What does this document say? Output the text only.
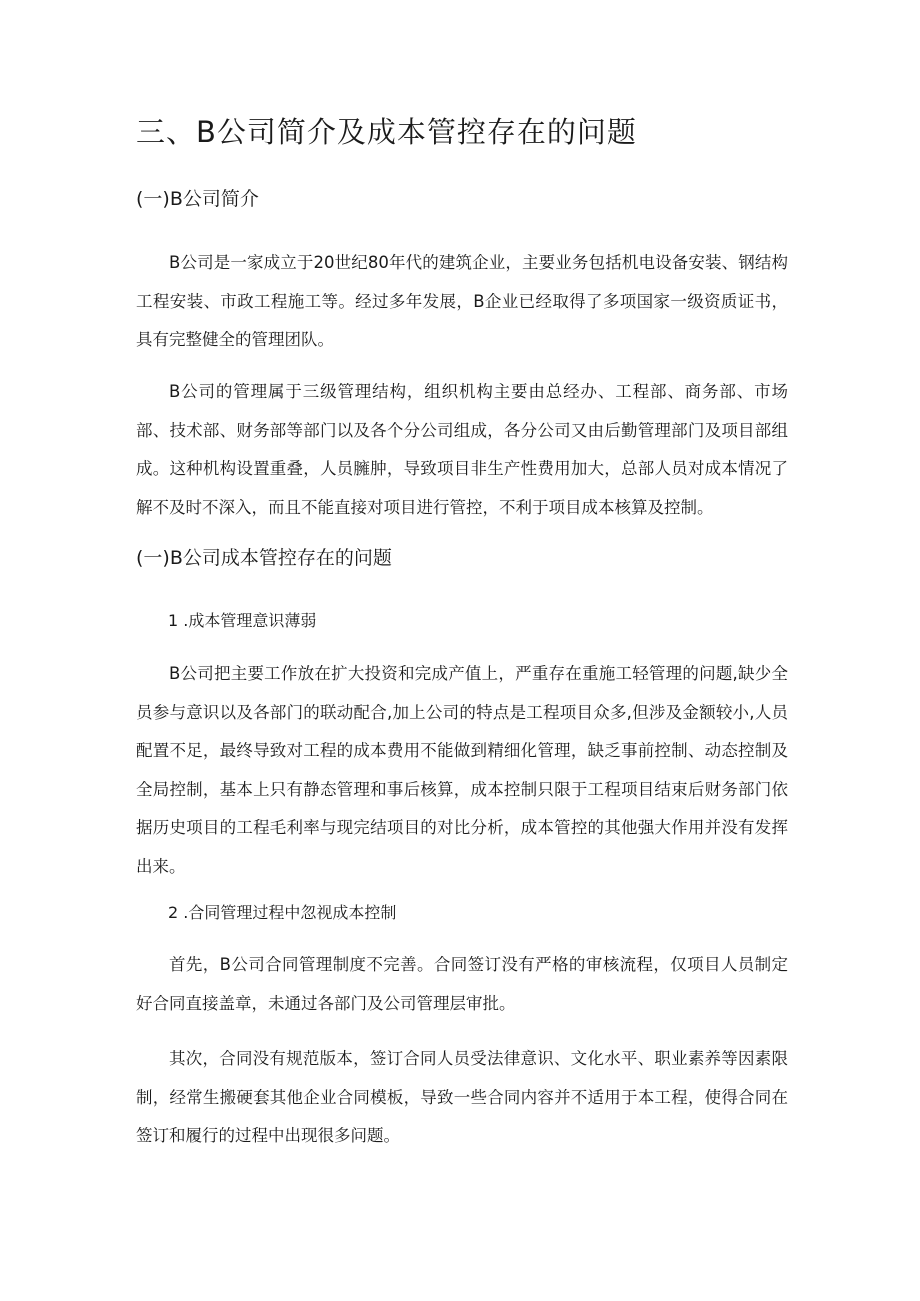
三、B公司简介及成本管控存在的问题
(一)B公司简介

B公司是一家成立于20世纪80年代的建筑企业，主要业务包括机电设备安装、钢结构工程安装、市政工程施工等。经过多年发展，B企业已经取得了多项国家一级资质证书，具有完整健全的管理团队。

B公司的管理属于三级管理结构，组织机构主要由总经办、工程部、商务部、市场部、技术部、财务部等部门以及各个分公司组成，各分公司又由后勤管理部门及项目部组成。这种机构设置重叠，人员臃肿，导致项目非生产性费用加大，总部人员对成本情况了解不及时不深入，而且不能直接对项目进行管控，不利于项目成本核算及控制。

(一)B公司成本管控存在的问题
1 .成本管理意识薄弱

B公司把主要工作放在扩大投资和完成产值上，严重存在重施工轻管理的问题,缺少全员参与意识以及各部门的联动配合,加上公司的特点是工程项目众多,但涉及金额较小,人员配置不足，最终导致对工程的成本费用不能做到精细化管理，缺乏事前控制、动态控制及全局控制，基本上只有静态管理和事后核算，成本控制只限于工程项目结束后财务部门依据历史项目的工程毛利率与现完结项目的对比分析，成本管控的其他强大作用并没有发挥出来。

2 .合同管理过程中忽视成本控制

首先，B公司合同管理制度不完善。合同签订没有严格的审核流程，仅项目人员制定好合同直接盖章，未通过各部门及公司管理层审批。

其次，合同没有规范版本，签订合同人员受法律意识、文化水平、职业素养等因素限制，经常生搬硬套其他企业合同模板，导致一些合同内容并不适用于本工程，使得合同在签订和履行的过程中出现很多问题。
